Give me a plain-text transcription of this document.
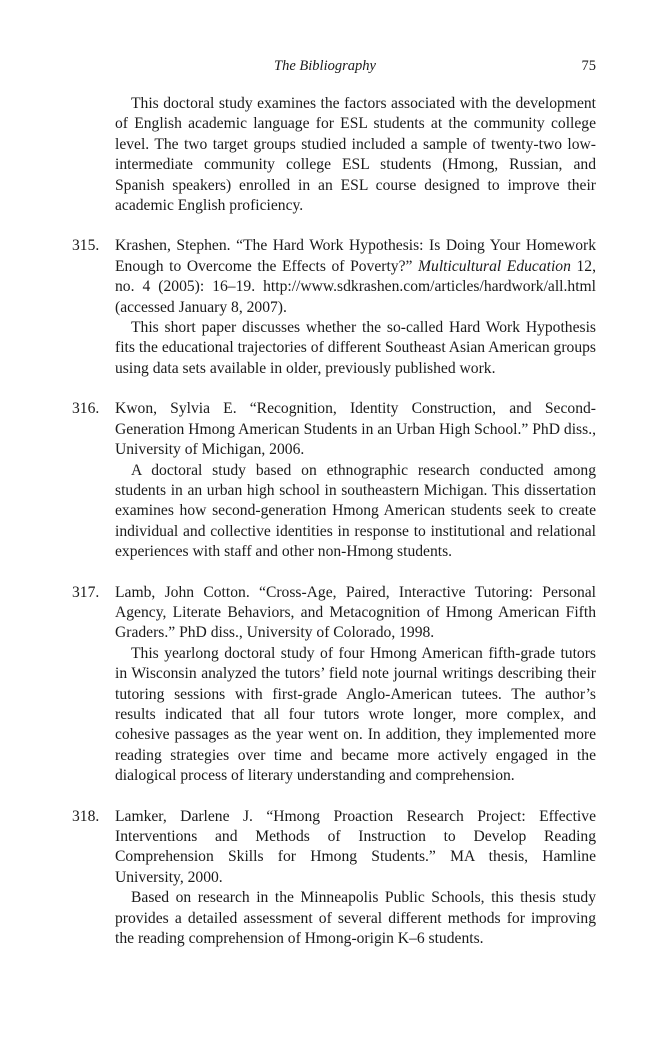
The Bibliography	75

This doctoral study examines the factors associated with the development of English academic language for ESL students at the community college level. The two target groups studied included a sample of twenty-two low-intermediate community college ESL students (Hmong, Russian, and Spanish speakers) enrolled in an ESL course designed to improve their academic English proficiency.

315.	Krashen, Stephen. “The Hard Work Hypothesis: Is Doing Your Homework Enough to Overcome the Effects of Poverty?” Multicultural Education 12, no. 4 (2005): 16–19. http://www.sdkrashen.com/articles/hardwork/all.html (accessed January 8, 2007).

This short paper discusses whether the so-called Hard Work Hypothesis fits the educational trajectories of different Southeast Asian American groups using data sets available in older, previously published work.

316.	Kwon, Sylvia E. “Recognition, Identity Construction, and Second-Generation Hmong American Students in an Urban High School.” PhD diss., University of Michigan, 2006.

A doctoral study based on ethnographic research conducted among students in an urban high school in southeastern Michigan. This dissertation examines how second-generation Hmong American students seek to create individual and collective identities in response to institutional and relational experiences with staff and other non-Hmong students.

317.	Lamb, John Cotton. “Cross-Age, Paired, Interactive Tutoring: Personal Agency, Literate Behaviors, and Metacognition of Hmong American Fifth Graders.” PhD diss., University of Colorado, 1998.

This yearlong doctoral study of four Hmong American fifth-grade tutors in Wisconsin analyzed the tutors’ field note journal writings describing their tutoring sessions with first-grade Anglo-American tutees. The author’s results indicated that all four tutors wrote longer, more complex, and cohesive passages as the year went on. In addition, they implemented more reading strategies over time and became more actively engaged in the dialogical process of literary understanding and comprehension.

318.	Lamker, Darlene J. “Hmong Proaction Research Project: Effective Interventions and Methods of Instruction to Develop Reading Comprehension Skills for Hmong Students.” MA thesis, Hamline University, 2000.

Based on research in the Minneapolis Public Schools, this thesis study provides a detailed assessment of several different methods for improving the reading comprehension of Hmong-origin K–6 students.
